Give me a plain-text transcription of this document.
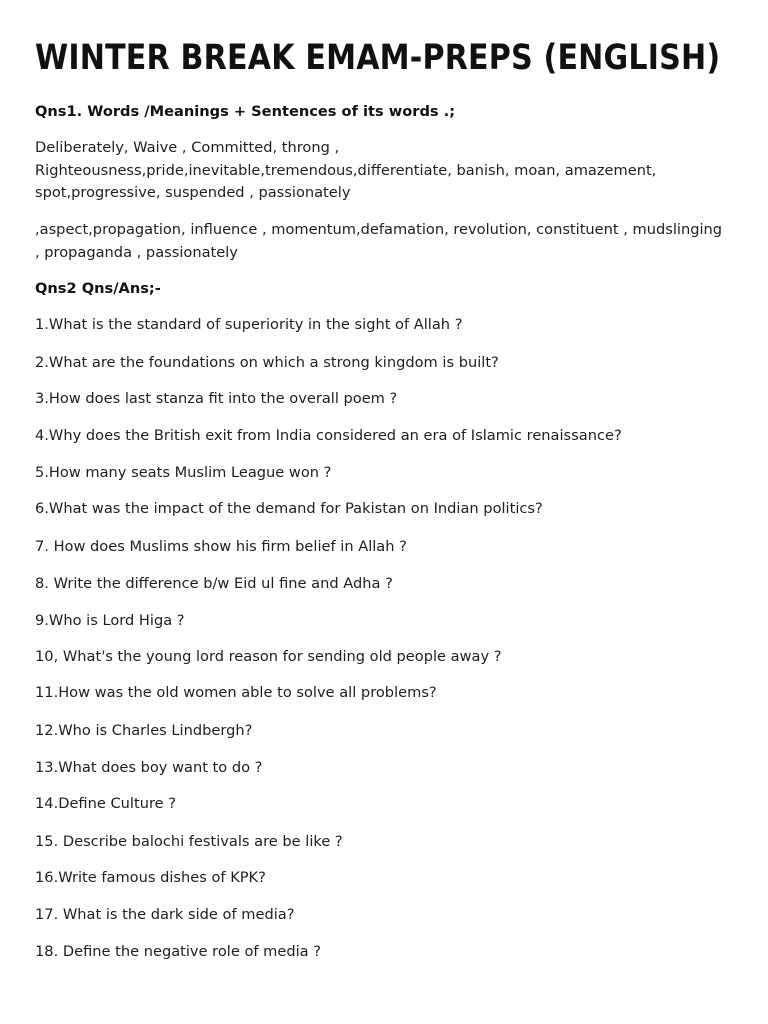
WINTER BREAK EMAM-PREPS (ENGLISH)
Qns1. Words /Meanings + Sentences of its words .;
Deliberately, Waive , Committed, throng ,
Righteousness,pride,inevitable,tremendous,differentiate, banish, moan, amazement,
spot,progressive, suspended , passionately
,aspect,propagation, influence , momentum,defamation, revolution, constituent , mudslinging
, propaganda , passionately
Qns2 Qns/Ans;-
1.What is the standard of superiority in the sight of Allah ?
2.What are the foundations on which a strong kingdom is built?
3.How does last stanza fit into the overall poem ?
4.Why does the British exit from India considered an era of Islamic renaissance?
5.How many seats Muslim League won ?
6.What was the impact of the demand for Pakistan on Indian politics?
7. How does Muslims show his firm belief in Allah ?
8. Write the difference b/w Eid ul fine and Adha ?
9.Who is Lord Higa ?
10, What's the young lord reason for sending old people away ?
11.How was the old women able to solve all problems?
12.Who is Charles Lindbergh?
13.What does boy want to do ?
14.Define Culture ?
15. Describe balochi festivals are be like ?
16.Write famous dishes of KPK?
17. What is the dark side of media?
18. Define the negative role of media ?
